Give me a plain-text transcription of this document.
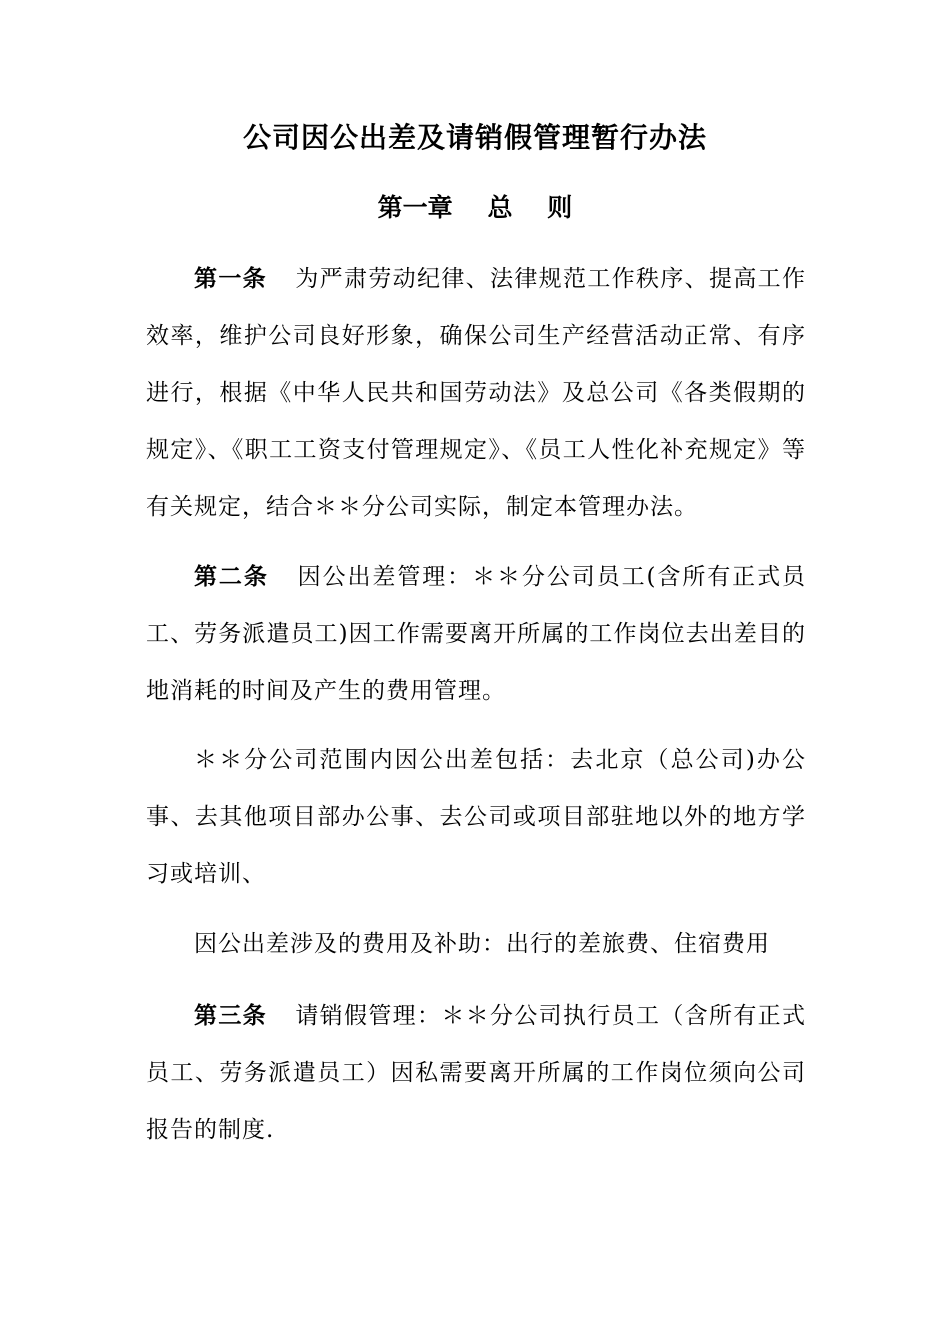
公司因公出差及请销假管理暂行办法
第一章    总    则
第一条 为严肃劳动纪律、法律规范工作秩序、提高工作效率，维护公司良好形象，确保公司生产经营活动正常、有序进行，根据《中华人民共和国劳动法》及总公司《各类假期的规定》、《职工工资支付管理规定》、《员工人性化补充规定》等有关规定，结合＊＊分公司实际，制定本管理办法。
第二条 因公出差管理：＊＊分公司员工(含所有正式员工、劳务派遣员工)因工作需要离开所属的工作岗位去出差目的地消耗的时间及产生的费用管理。
＊＊分公司范围内因公出差包括：去北京（总公司)办公事、去其他项目部办公事、去公司或项目部驻地以外的地方学习或培训、
因公出差涉及的费用及补助：出行的差旅费、住宿费用
第三条 请销假管理：＊＊分公司执行员工（含所有正式员工、劳务派遣员工）因私需要离开所属的工作岗位须向公司报告的制度.
